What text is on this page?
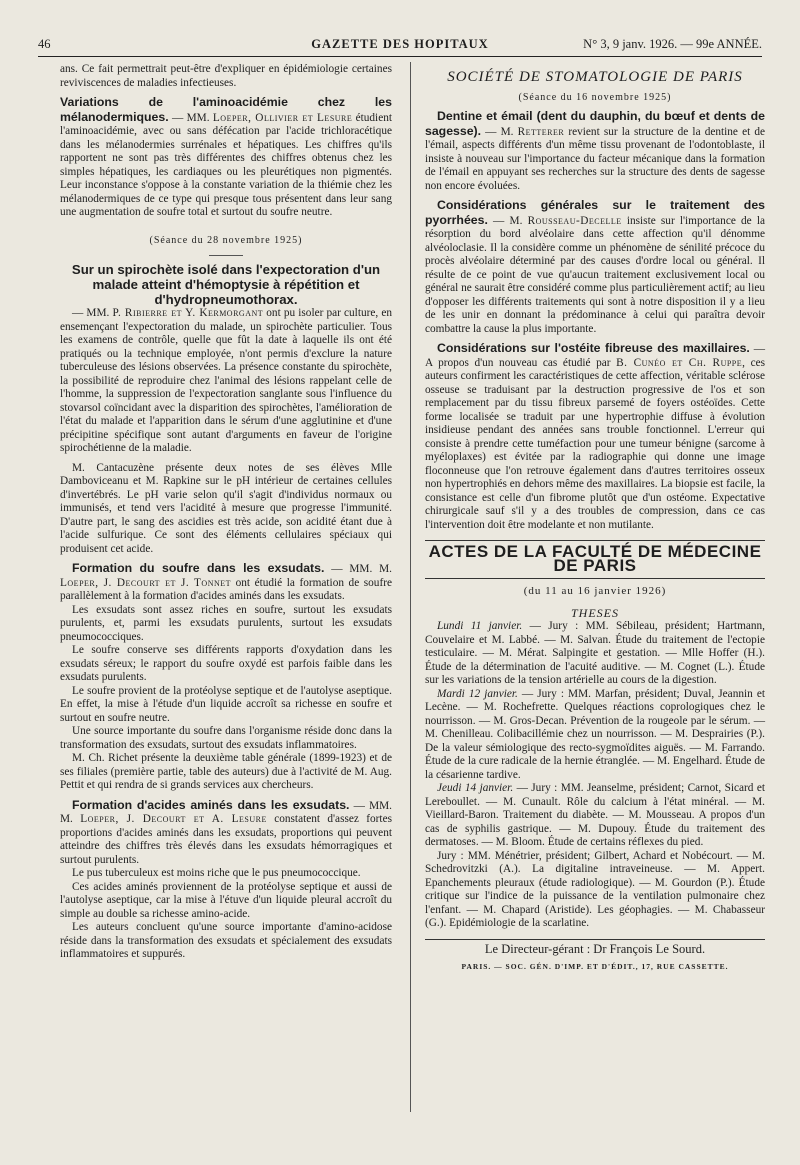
46	GAZETTE DES HOPITAUX	N° 3, 9 janv. 1926. — 99e ANNÉE.

ans. Ce fait permettrait peut-être d'expliquer en épidémiologie certaines reviviscences de maladies infectieuses.

Variations de l'aminoacidémie chez les mélanodermiques. — MM. Loeper, Ollivier et Lesure étudient l'aminoacidémie, avec ou sans défécation par l'acide trichloracétique dans les mélanodermies surrénales et hépatiques. Les chiffres qu'ils rapportent ne sont pas très différentes des chiffres obtenus chez les simples hépatiques, les cardiaques ou les pleurétiques non pigmentés. Leur inconstance s'oppose à la constante variation de la thiémie chez les mélanodermiques de ce type qui presque tous présentent dans leur sang une augmentation de soufre total et surtout du soufre neutre.

(Séance du 28 novembre 1925)
Sur un spirochète isolé dans l'expectoration d'un malade atteint d'hémoptysie à répétition et d'hydropneumothorax.

— MM. P. Ribierre et Y. Kermorgant ont pu isoler par culture, en ensemençant l'expectoration du malade, un spirochète particulier. Tous les examens de contrôle, quelle que fût la date à laquelle ils ont été pratiqués ou la technique employée, n'ont permis d'exclure la nature tuberculeuse des lésions observées. La présence constante du spirochète, la possibilité de reproduire chez l'animal des lésions rappelant celle de l'homme, la suppression de l'expectoration sanglante sous l'influence du stovarsol coïncidant avec la disparition des spirochètes, l'amélioration de l'état du malade et l'apparition dans le sérum d'une agglutinine et d'une précipitine spécifique sont autant d'arguments en faveur de l'origine spirochétienne de la maladie.

M. Cantacuzène présente deux notes de ses élèves Mlle Damboviceanu et M. Rapkine sur le pH intérieur de certaines cellules d'invertébrés. Le pH varie selon qu'il s'agit d'individus normaux ou immunisés, et tend vers l'acidité à mesure que progresse l'immunité. D'autre part, le sang des ascidies est très acide, son acidité étant due à l'acide sulfurique. Ce sont des éléments cellulaires spéciaux qui produisent cet acide.

Formation du soufre dans les exsudats. — MM. M. Loeper, J. Decourt et J. Tonnet ont étudié la formation de soufre parallèlement à la formation d'acides aminés dans les exsudats.

Les exsudats sont assez riches en soufre, surtout les exsudats purulents, et, parmi les exsudats purulents, surtout les exsudats pneumococciques.

Le soufre conserve ses différents rapports d'oxydation dans les exsudats séreux; le rapport du soufre oxydé est parfois faible dans les exsudats purulents.

Le soufre provient de la protéolyse septique et de l'autolyse aseptique. En effet, la mise à l'étude d'un liquide accroît sa richesse en soufre et surtout en soufre neutre.

Une source importante du soufre dans l'organisme réside donc dans la transformation des exsudats, surtout des exsudats inflammatoires.

M. Ch. Richet présente la deuxième table générale (1899-1923) et de ses filiales (première partie, table des auteurs) due à l'activité de M. Aug. Pettit et qui rendra de si grands services aux chercheurs.

Formation d'acides aminés dans les exsudats. — MM. M. Loeper, J. Decourt et A. Lesure constatent d'assez fortes proportions d'acides aminés dans les exsudats, proportions qui peuvent atteindre des chiffres très élevés dans les exsudats hémorragiques et surtout purulents.

Le pus tuberculeux est moins riche que le pus pneumococcique.

Ces acides aminés proviennent de la protéolyse septique et aussi de l'autolyse aseptique, car la mise à l'étuve d'un liquide pleural accroît du simple au double sa richesse amino-acide.

Les auteurs concluent qu'une source importante d'amino-acidose réside dans la transformation des exsudats et spécialement des exsudats inflammatoires et suppurés.

SOCIÉTÉ DE STOMATOLOGIE DE PARIS
(Séance du 16 novembre 1925)

Dentine et émail (dent du dauphin, du bœuf et dents de sagesse). — M. Retterer revient sur la structure de la dentine et de l'émail, aspects différents d'un même tissu provenant de l'odontoblaste, il insiste à nouveau sur l'importance du facteur mécanique dans la formation de l'émail en appuyant ses recherches sur la structure des dents de sagesse non encore évoluées.

Considérations générales sur le traitement des pyorrhées. — M. Rousseau-Decelle insiste sur l'importance de la résorption du bord alvéolaire dans cette affection qu'il dénomme alvéoloclasie. Il la considère comme un phénomène de sénilité précoce du procès alvéolaire déterminé par des causes d'ordre local ou général. Il résulte de ce point de vue qu'aucun traitement exclusivement local ou général ne saurait être considéré comme plus particulièrement actif; au lieu d'opposer les différents traitements qui sont à notre disposition il y a lieu de les unir en donnant la prédominance à celui qui paraîtra devoir combattre la cause la plus importante.

Considérations sur l'ostéite fibreuse des maxillaires. — A propos d'un nouveau cas étudié par B. Cunéo et Ch. Ruppe, ces auteurs confirment les caractéristiques de cette affection, véritable sclérose osseuse se traduisant par la destruction progressive de l'os et son remplacement par du tissu fibreux parsemé de foyers ostéoïdes. Cette forme localisée se traduit par une hypertrophie diffuse à évolution insidieuse pendant des années sans trouble fonctionnel. L'erreur qui consiste à prendre cette tuméfaction pour une tumeur bénigne (sarcome à myéloplaxes) est évitée par la radiographie qui donne une image floconneuse que l'on retrouve également dans d'autres territoires osseux non hypertrophiés en dehors même des maxillaires. La biopsie est facile, la consistance est celle d'un fibrome plutôt que d'un ostéome. Expectative chirurgicale sauf s'il y a des troubles de compression, dans ce cas l'intervention doit être modelante et non mutilante.

ACTES DE LA FACULTÉ DE MÉDECINE DE PARIS
(du 11 au 16 janvier 1926)
THESES

Lundi 11 janvier. — Jury : MM. Sébileau, président; Hartmann, Couvelaire et M. Labbé. — M. Salvan. Étude du traitement de l'ectopie testiculaire. — M. Mérat. Salpingite et gestation. — Mlle Hoffer (H.). Étude de la détermination de l'acuité auditive. — M. Cognet (L.). Étude sur les variations de la tension artérielle au cours de la digestion.

Mardi 12 janvier. — Jury : MM. Marfan, président; Duval, Jeannin et Lecène. — M. Rochefrette. Quelques réactions coprologiques chez le nourrisson. — M. Gros-Decan. Prévention de la rougeole par le sérum. — M. Chenilleau. Colibacillémie chez un nourrisson. — M. Desprairies (P.). De la valeur sémiologique des recto-sygmoïdites aiguës. — M. Farrando. Étude de la cure radicale de la hernie étranglée. — M. Engelhard. Étude de la césarienne tardive.

Jeudi 14 janvier. — Jury : MM. Jeanselme, président; Carnot, Sicard et Lereboullet. — M. Cunault. Rôle du calcium à l'état minéral. — M. Vieillard-Baron. Traitement du diabète. — M. Mousseau. A propos d'un cas de syphilis gastrique. — M. Dupouy. Étude du traitement des dermatoses. — M. Bloom. Étude de certains réflexes du pied.

Jury : MM. Ménétrier, président; Gilbert, Achard et Nobécourt. — M. Schedrovitzki (A.). La digitaline intraveineuse. — M. Appert. Epanchements pleuraux (étude radiologique). — M. Gourdon (P.). Étude critique sur l'indice de la puissance de la ventilation pulmonaire chez l'enfant. — M. Chapard (Aristide). Les géophagies. — M. Chabasseur (G.). Epidémiologie de la scarlatine.

Le Directeur-gérant : Dr François Le Sourd.
PARIS. — SOC. GÉN. D'IMP. ET D'ÉDIT., 17, RUE CASSETTE.
